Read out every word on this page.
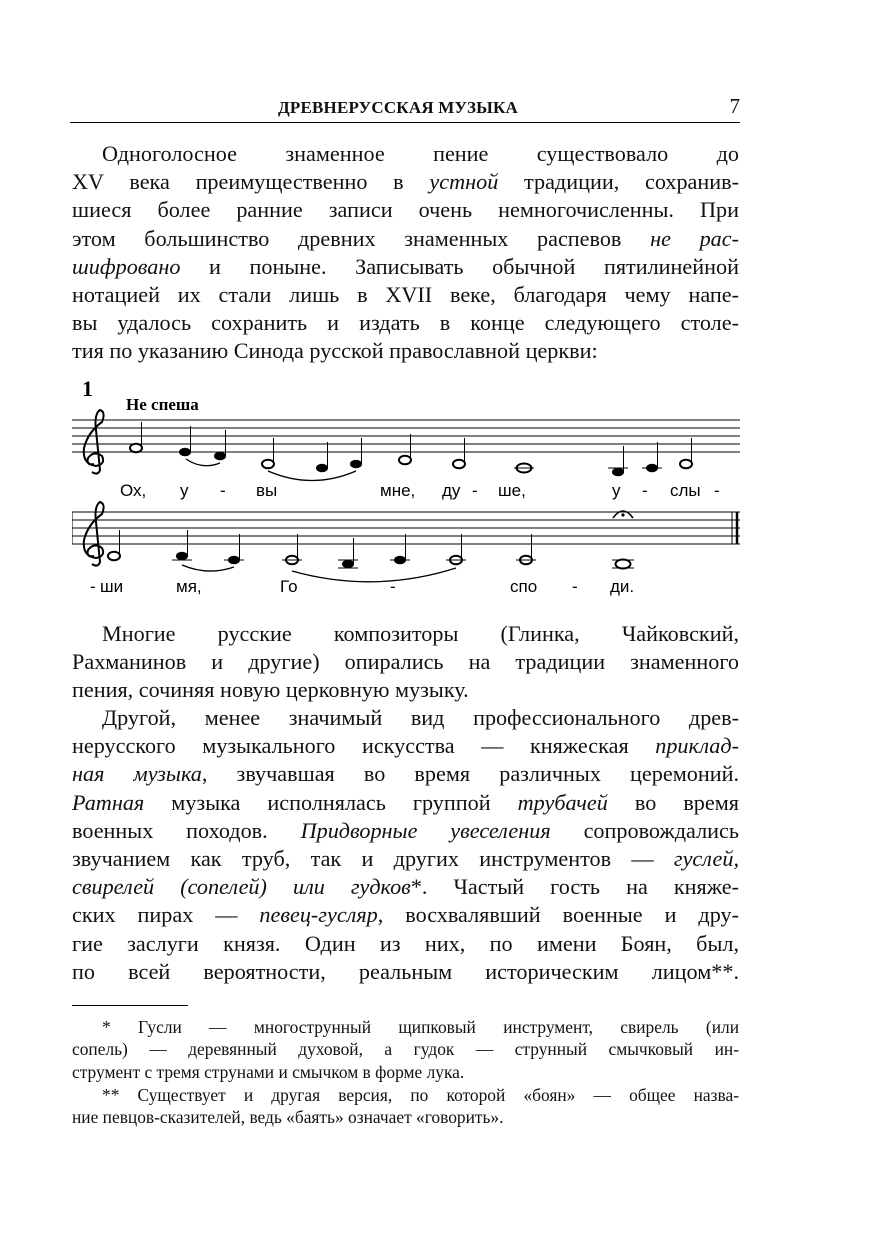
ДРЕВНЕРУССКАЯ МУЗЫКА	7
Одноголосное знаменное пение существовало до
XV века преимущественно в устной традиции, сохранив-
шиеся более ранние записи очень немногочисленны. При
этом большинство древних знаменных распевов не рас-
шифровано и поныне. Записывать обычной пятилинейной
нотацией их стали лишь в XVII веке, благодаря чему напе-
вы удалось сохранить и издать в конце следующего столе-
тия по указанию Синода русской православной церкви:
1
Не спеша
Ох, у - вы	мне, ду - ше,	у - слы -
- ши	мя,	Го	-	спо - ди.
Многие русские композиторы (Глинка, Чайковский,
Рахманинов и другие) опирались на традиции знаменного
пения, сочиняя новую церковную музыку.
Другой, менее значимый вид профессионального древ-
нерусского музыкального искусства — княжеская приклад-
ная музыка, звучавшая во время различных церемоний.
Ратная музыка исполнялась группой трубачей во время
военных походов. Придворные увеселения сопровождались
звучанием как труб, так и других инструментов — гуслей,
свирелей (сопелей) или гудков*. Частый гость на княже-
ских пирах — певец-гусляр, восхвалявший военные и дру-
гие заслуги князя. Один из них, по имени Боян, был,
по всей вероятности, реальным историческим лицом**.
* Гусли — многострунный щипковый инструмент, свирель (или
сопель) — деревянный духовой, а гудок — струнный смычковый ин-
струмент с тремя струнами и смычком в форме лука.
** Существует и другая версия, по которой «боян» — общее назва-
ние певцов-сказителей, ведь «баять» означает «говорить».
